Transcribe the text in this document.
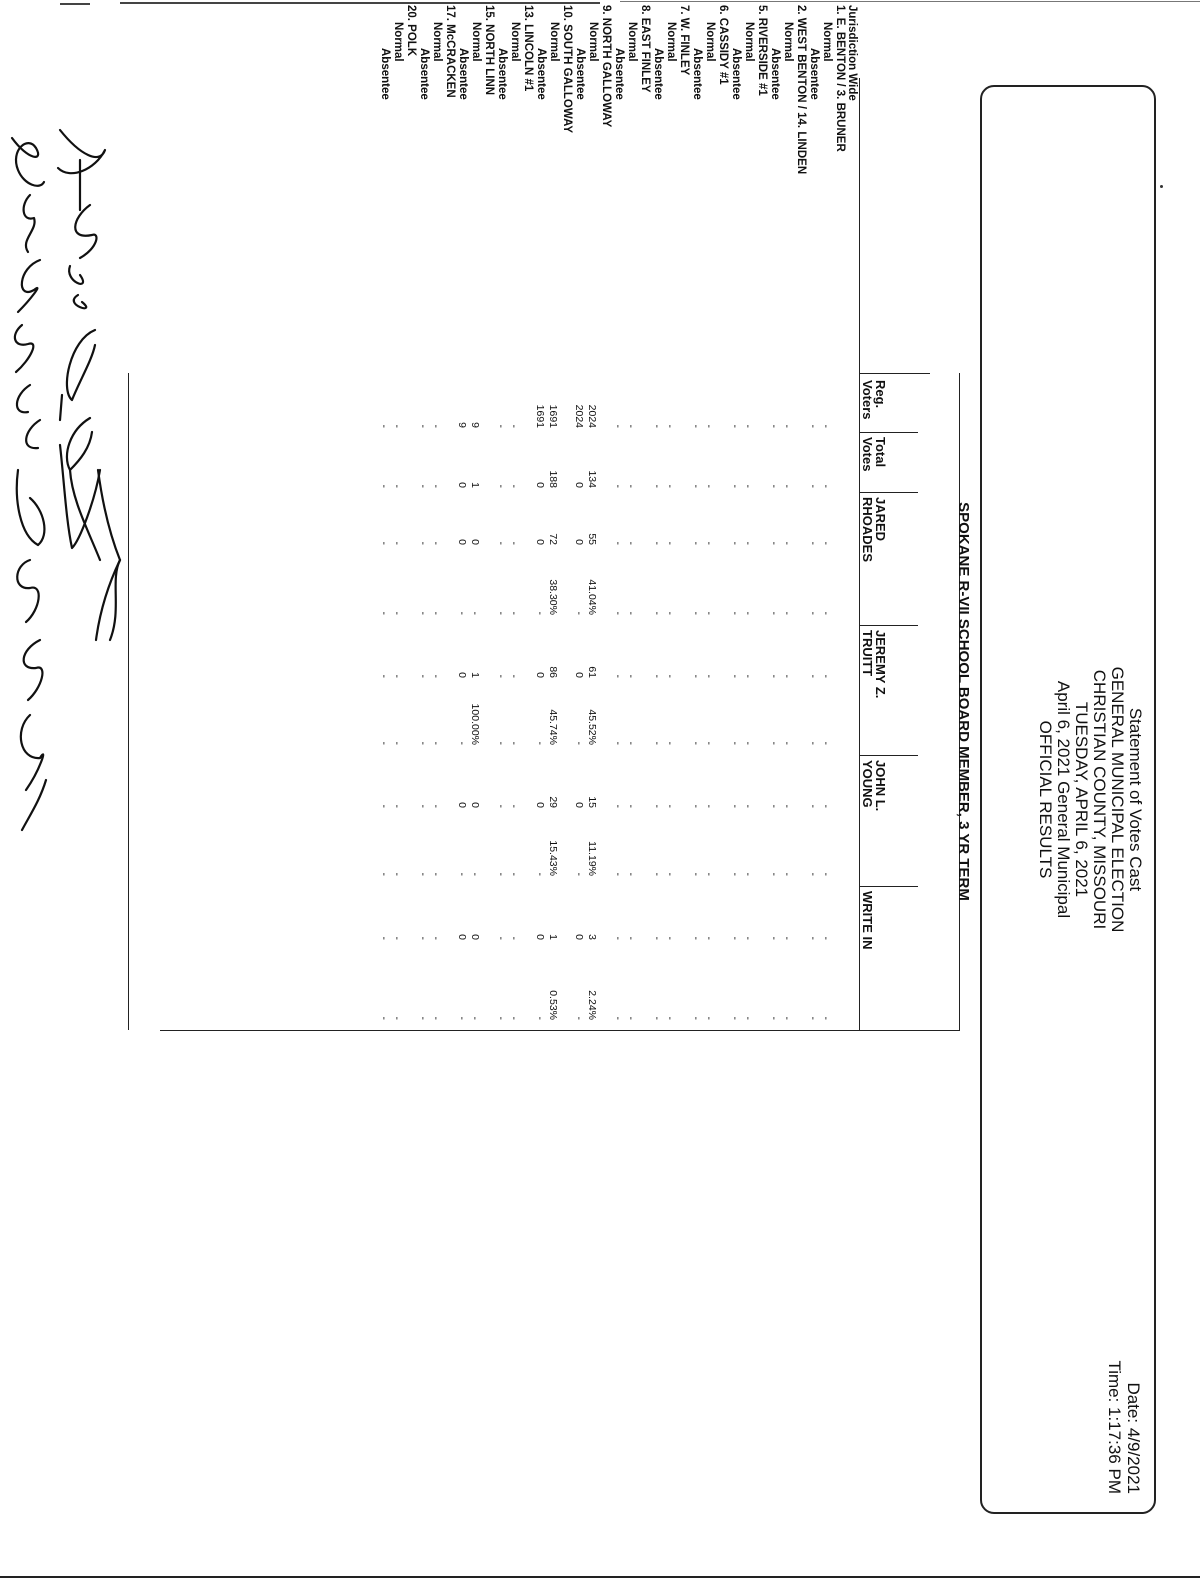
Statement of Votes Cast
GENERAL MUNICIPAL ELECTION
CHRISTIAN COUNTY, MISSOURI
TUESDAY, APRIL 6, 2021
April 6, 2021 General Municipal
OFFICIAL RESULTS
Date: 4/9/2021
Time: 1:17:36 PM
SPOKANE R-VII SCHOOL BOARD MEMBER, 3 YR TERM
Reg.
Voters
Total
Votes
JARED
RHOADES
JEREMY Z.
TRUITT
JOHN L.
YOUNG
WRITE IN
Jurisdiction Wide
1. E. BENTON / 3. BRUNER
Normal
-
-
-
-
-
-
-
-
-
-
Absentee
-
-
-
-
-
-
-
-
-
-
2. WEST BENTON / 14. LINDEN
Normal
-
-
-
-
-
-
-
-
-
-
Absentee
-
-
-
-
-
-
-
-
-
-
5. RIVERSIDE #1
Normal
-
-
-
-
-
-
-
-
-
-
Absentee
-
-
-
-
-
-
-
-
-
-
6. CASSIDY #1
Normal
-
-
-
-
-
-
-
-
-
-
Absentee
-
-
-
-
-
-
-
-
-
-
7. W. FINLEY
Normal
-
-
-
-
-
-
-
-
-
-
Absentee
-
-
-
-
-
-
-
-
-
-
8. EAST FINLEY
Normal
-
-
-
-
-
-
-
-
-
-
Absentee
-
-
-
-
-
-
-
-
-
-
9. NORTH GALLOWAY
Normal
2024
134
55
41.04%
61
45.52%
15
11.19%
3
2.24%
Absentee
2024
0
0
-
0
-
0
-
0
-
10. SOUTH GALLOWAY
Normal
1691
188
72
38.30%
86
45.74%
29
15.43%
1
0.53%
Absentee
1691
0
0
-
0
-
0
-
0
-
13. LINCOLN #1
Normal
-
-
-
-
-
-
-
-
-
-
Absentee
-
-
-
-
-
-
-
-
-
-
15. NORTH LINN
Normal
9
1
0
-
1
100.00%
0
-
0
-
Absentee
9
0
0
-
0
-
0
-
0
-
17. McCRACKEN
Normal
-
-
-
-
-
-
-
-
-
-
Absentee
-
-
-
-
-
-
-
-
-
-
20. POLK
Normal
-
-
-
-
-
-
-
-
-
-
Absentee
-
-
-
-
-
-
-
-
-
-
